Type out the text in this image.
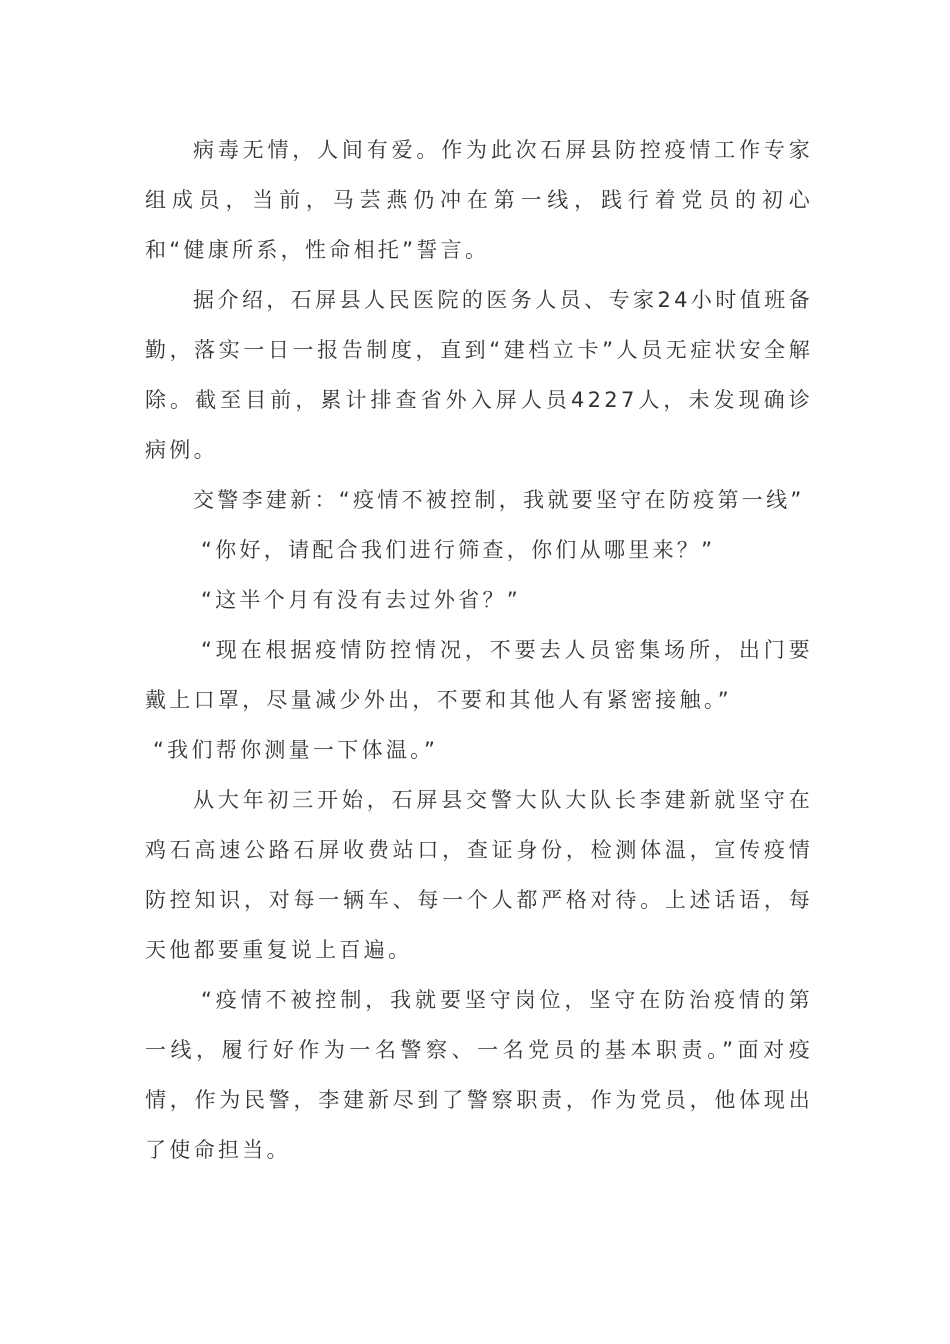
病毒无情，人间有爱。作为此次石屏县防控疫情工作专家组成员，当前，马芸燕仍冲在第一线，践行着党员的初心和“健康所系，性命相托”誓言。

据介绍，石屏县人民医院的医务人员、专家24小时值班备勤，落实一日一报告制度，直到“建档立卡”人员无症状安全解除。截至目前，累计排查省外入屏人员4227人，未发现确诊病例。

交警李建新：“疫情不被控制，我就要坚守在防疫第一线”

“你好，请配合我们进行筛查，你们从哪里来？”

“这半个月有没有去过外省？”

“现在根据疫情防控情况，不要去人员密集场所，出门要戴上口罩，尽量减少外出，不要和其他人有紧密接触。”

“我们帮你测量一下体温。”

从大年初三开始，石屏县交警大队大队长李建新就坚守在鸡石高速公路石屏收费站口，查证身份，检测体温，宣传疫情防控知识，对每一辆车、每一个人都严格对待。上述话语，每天他都要重复说上百遍。

“疫情不被控制，我就要坚守岗位，坚守在防治疫情的第一线，履行好作为一名警察、一名党员的基本职责。”面对疫情，作为民警，李建新尽到了警察职责，作为党员，他体现出了使命担当。
